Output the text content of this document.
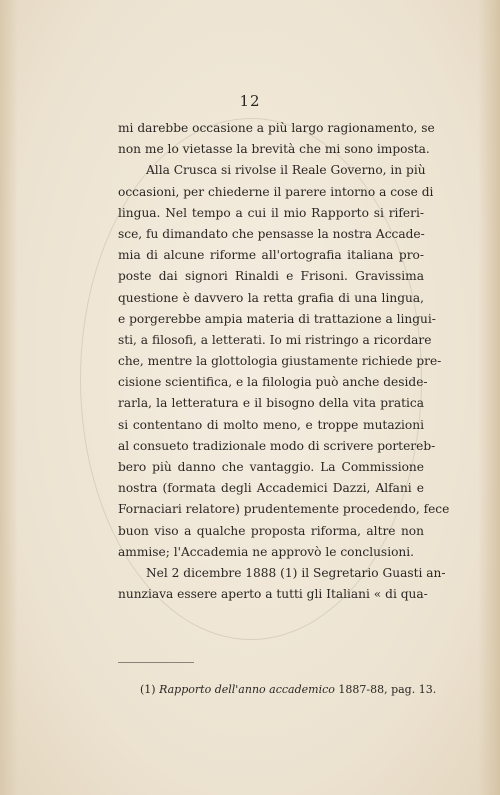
12
mi darebbe occasione a più largo ragionamento, se
non me lo vietasse la brevità che mi sono imposta.
Alla Crusca si rivolse il Reale Governo, in più
occasioni, per chiederne il parere intorno a cose di
lingua. Nel tempo a cui il mio Rapporto si riferi-
sce, fu dimandato che pensasse la nostra Accade-
mia di alcune riforme all'ortografia italiana pro-
poste dai signori Rinaldi e Frisoni. Gravissima
questione è davvero la retta grafia di una lingua,
e porgerebbe ampia materia di trattazione a lingui-
sti, a filosofi, a letterati. Io mi ristringo a ricordare
che, mentre la glottologia giustamente richiede pre-
cisione scientifica, e la filologia può anche deside-
rarla, la letteratura e il bisogno della vita pratica
si contentano di molto meno, e troppe mutazioni
al consueto tradizionale modo di scrivere portereb-
bero più danno che vantaggio. La Commissione
nostra (formata degli Accademici Dazzi, Alfani e
Fornaciari relatore) prudentemente procedendo, fece
buon viso a qualche proposta riforma, altre non
ammise; l'Accademia ne approvò le conclusioni.
Nel 2 dicembre 1888 (1) il Segretario Guasti an-
nunziava essere aperto a tutti gli Italiani « di qua-
(1) Rapporto dell'anno accademico 1887-88, pag. 13.
